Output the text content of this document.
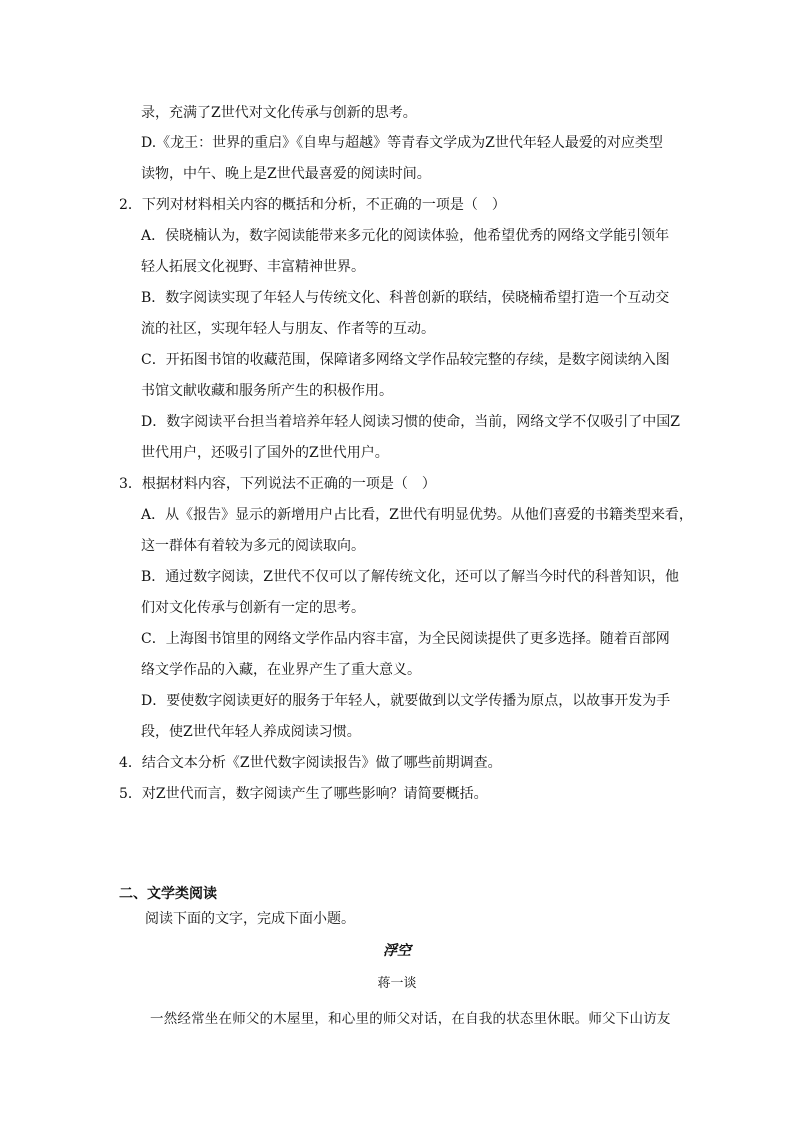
录，充满了Z世代对文化传承与创新的思考。
D.《龙王：世界的重启》《自卑与超越》等青春文学成为Z世代年轻人最爱的对应类型
读物，中午、晚上是Z世代最喜爱的阅读时间。
2．下列对材料相关内容的概括和分析，不正确的一项是（　）
A．侯晓楠认为，数字阅读能带来多元化的阅读体验，他希望优秀的网络文学能引领年
轻人拓展文化视野、丰富精神世界。
B．数字阅读实现了年轻人与传统文化、科普创新的联结，侯晓楠希望打造一个互动交
流的社区，实现年轻人与朋友、作者等的互动。
C．开拓图书馆的收藏范围，保障诸多网络文学作品较完整的存续，是数字阅读纳入图
书馆文献收藏和服务所产生的积极作用。
D．数字阅读平台担当着培养年轻人阅读习惯的使命，当前，网络文学不仅吸引了中国Z
世代用户，还吸引了国外的Z世代用户。
3．根据材料内容，下列说法不正确的一项是（　）
A．从《报告》显示的新增用户占比看，Z世代有明显优势。从他们喜爱的书籍类型来看，
这一群体有着较为多元的阅读取向。
B．通过数字阅读，Z世代不仅可以了解传统文化，还可以了解当今时代的科普知识，他
们对文化传承与创新有一定的思考。
C．上海图书馆里的网络文学作品内容丰富，为全民阅读提供了更多选择。随着百部网
络文学作品的入藏，在业界产生了重大意义。
D．要使数字阅读更好的服务于年轻人，就要做到以文学传播为原点，以故事开发为手
段，使Z世代年轻人养成阅读习惯。
4．结合文本分析《Z世代数字阅读报告》做了哪些前期调查。
5．对Z世代而言，数字阅读产生了哪些影响？请简要概括。
二、文学类阅读
阅读下面的文字，完成下面小题。
浮空
蒋一谈
一然经常坐在师父的木屋里，和心里的师父对话，在自我的状态里休眠。师父下山访友
